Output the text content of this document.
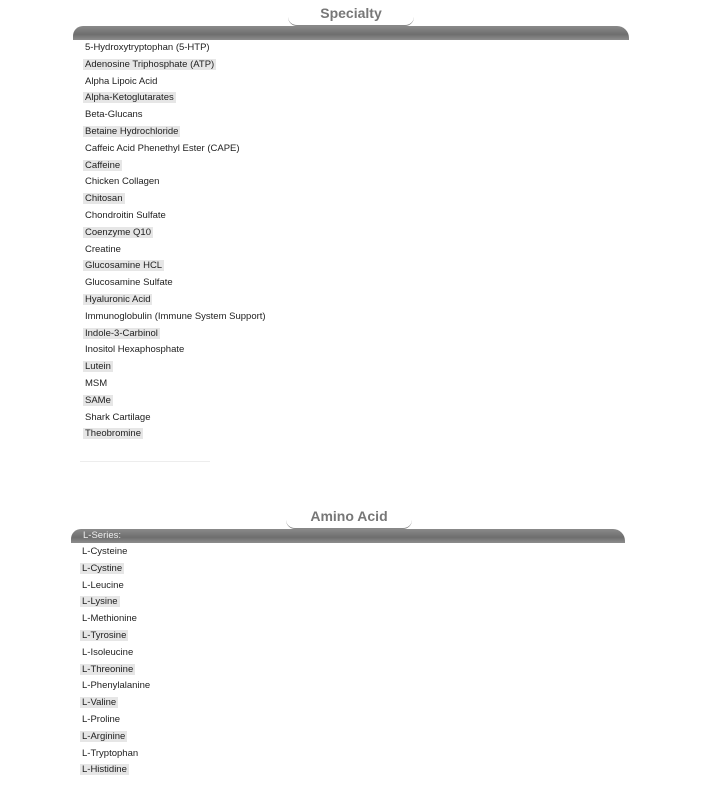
Specialty
5-Hydroxytryptophan (5-HTP)
Adenosine Triphosphate (ATP)
Alpha Lipoic Acid
Alpha-Ketoglutarates
Beta-Glucans
Betaine Hydrochloride
Caffeic Acid Phenethyl Ester (CAPE)
Caffeine
Chicken Collagen
Chitosan
Chondroitin Sulfate
Coenzyme Q10
Creatine
Glucosamine HCL
Glucosamine Sulfate
Hyaluronic Acid
Immunoglobulin (Immune System Support)
Indole-3-Carbinol
Inositol Hexaphosphate
Lutein
MSM
SAMe
Shark Cartilage
Theobromine
Amino Acid
L-Series:
L-Cysteine
L-Cystine
L-Leucine
L-Lysine
L-Methionine
L-Tyrosine
L-Isoleucine
L-Threonine
L-Phenylalanine
L-Valine
L-Proline
L-Arginine
L-Tryptophan
L-Histidine
